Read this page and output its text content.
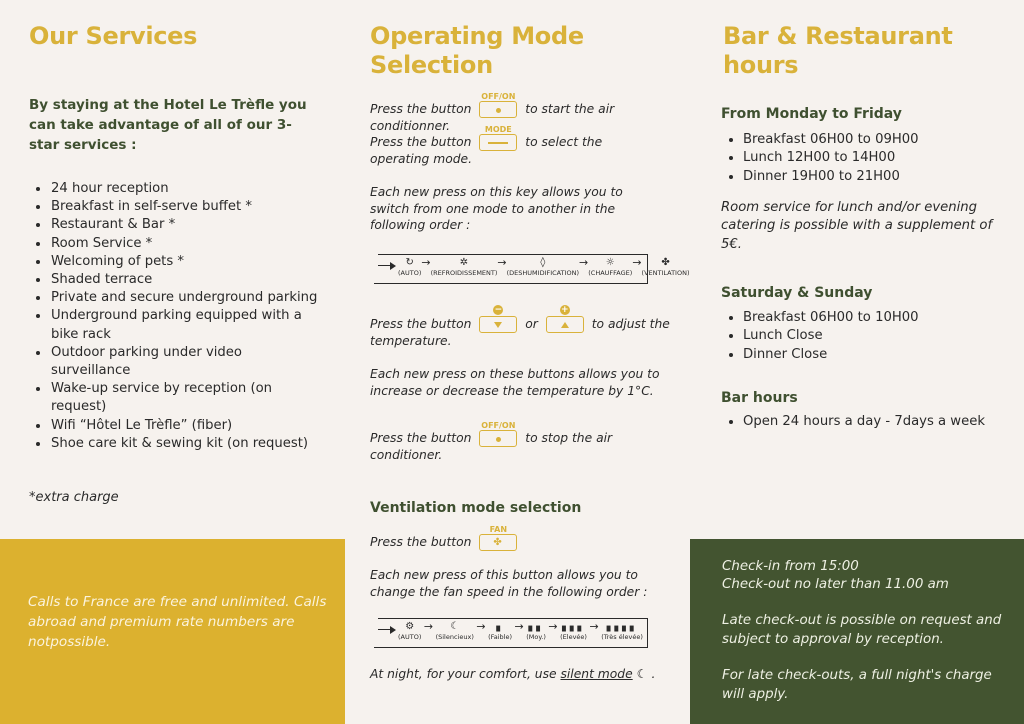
Our Services
By staying at the Hotel Le Trèfle you can take advantage of all of our 3-star services :
24 hour reception
Breakfast in self-serve buffet *
Restaurant & Bar *
Room Service *
Welcoming of pets *
Shaded terrace
Private and secure underground parking
Underground parking equipped with a bike rack
Outdoor parking under video surveillance
Wake-up service by reception (on request)
Wifi “Hôtel Le Trèfle” (fiber)
Shoe care kit & sewing kit (on request)
*extra charge
Calls to France are free and unlimited. Calls abroad and premium rate numbers are notpossible.
Operating Mode Selection
Press the button
OFF/ON
to start the air conditionner.
Press the button
MODE
to select the operating mode.
Each new press on this key allows you to switch from one mode to another in the following order :
↻
(AUTO)
→	✲
(REFROIDISSEMENT)
→	◊
(DESHUMIDIFICATION)
→	☼
(CHAUFFAGE)
→	✤
(VENTILATION)
Press the button
−
or
+
to adjust the temperature.
Each new press on these buttons allows you to increase or decrease the temperature by 1°C.
Press the button
OFF/ON
to stop the air conditioner.
Ventilation mode selection
Press the button
FAN
✤
Each new press of this button allows you to change the fan speed in the following order :
⚙
(AUTO)
→	☾
(Silencieux)
→	▖
(Faible)
→ ▖▖
(Moy.)
→ ▖▖▖
(Elevée)
→ ▖▖▖▖
(Très élevée)
At night, for your comfort, use silent mode ☾ .
Bar & Restaurant hours
From Monday to Friday
Breakfast 06H00 to 09H00
Lunch 12H00 to 14H00
Dinner 19H00 to 21H00
Room service for lunch and/or evening catering is possible with a supplement of 5€.
Saturday & Sunday
Breakfast 06H00 to 10H00
Lunch Close
Dinner Close
Bar hours
Open 24 hours a day - 7days a week
Check-in from 15:00
Check-out no later than 11.00 am
Late check-out is possible on request and subject to approval by reception.
For late check-outs, a full night's charge will apply.
